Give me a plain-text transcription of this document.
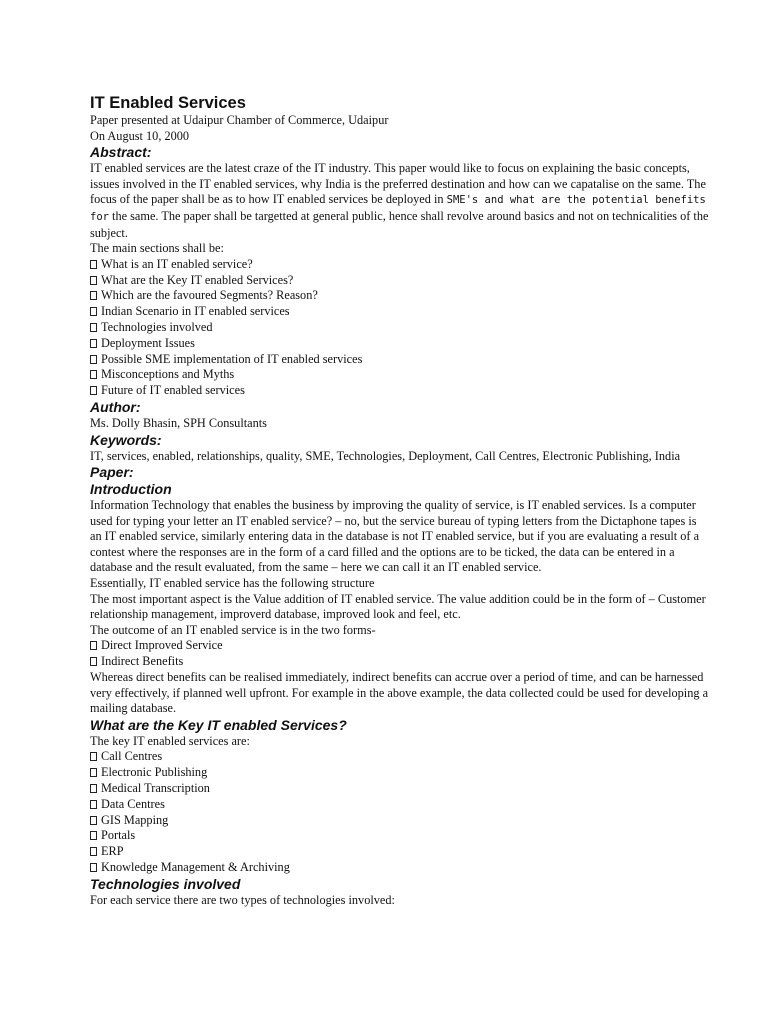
IT Enabled Services

Paper presented at Udaipur Chamber of Commerce, Udaipur

On August 10, 2000

Abstract:

IT enabled services are the latest craze of the IT industry. This paper would like to focus on explaining the basic concepts, issues involved in the IT enabled services, why India is the preferred destination and how can we capatalise on the same. The focus of the paper shall be as to how IT enabled services be deployed in SME's and what are the potential benefits for the same. The paper shall be targetted at general public, hence shall revolve around basics and not on technicalities of the subject.

The main sections shall be:

What is an IT enabled service?
What are the Key IT enabled Services?
Which are the favoured Segments? Reason?
Indian Scenario in IT enabled services
Technologies involved
Deployment Issues
Possible SME implementation of IT enabled services
Misconceptions and Myths
Future of IT enabled services
Author:

Ms. Dolly Bhasin, SPH Consultants

Keywords:

IT, services, enabled, relationships, quality, SME, Technologies, Deployment, Call Centres, Electronic Publishing, India

Paper:
Introduction

Information Technology that enables the business by improving the quality of service, is IT enabled services. Is a computer used for typing your letter an IT enabled service? – no, but the service bureau of typing letters from the Dictaphone tapes is an IT enabled service, similarly entering data in the database is not IT enabled service, but if you are evaluating a result of a contest where the responses are in the form of a card filled and the options are to be ticked, the data can be entered in a database and the result evaluated, from the same – here we can call it an IT enabled service.

Essentially, IT enabled service has the following structure

The most important aspect is the Value addition of IT enabled service. The value addition could be in the form of – Customer relationship management, improverd database, improved look and feel, etc.

The outcome of an IT enabled service is in the two forms-

Direct Improved Service
Indirect Benefits

Whereas direct benefits can be realised immediately, indirect benefits can accrue over a period of time, and can be harnessed very effectively, if planned well upfront. For example in the above example, the data collected could be used for developing a mailing database.

What are the Key IT enabled Services?

The key IT enabled services are:

Call Centres
Electronic Publishing
Medical Transcription
Data Centres
GIS Mapping
Portals
ERP
Knowledge Management & Archiving
Technologies involved

For each service there are two types of technologies involved:
